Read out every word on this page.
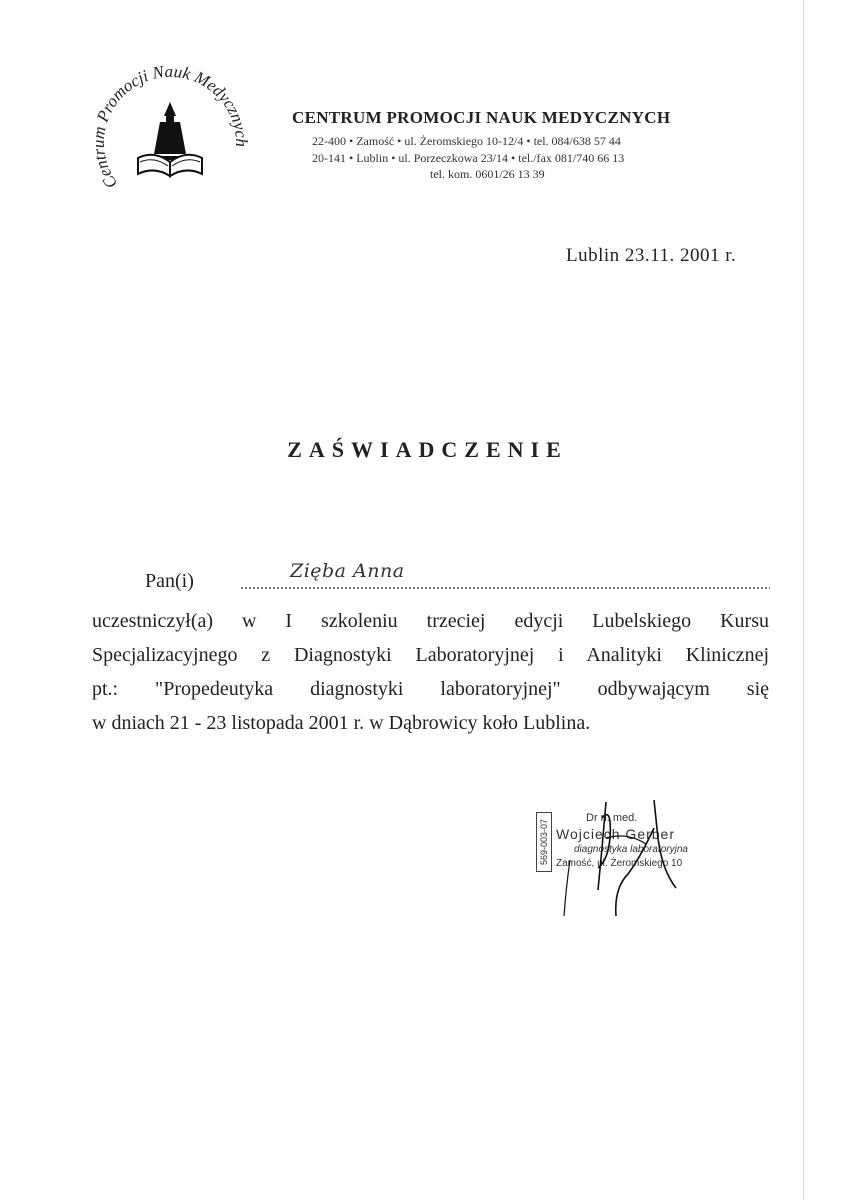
Centrum Promocji Nauk Medycznych
CENTRUM PROMOCJI NAUK MEDYCZNYCH
22-400 • Zamość • ul. Żeromskiego 10-12/4 • tel. 084/638 57 44
20-141 • Lublin • ul. Porzeczkowa 23/14 • tel./fax 081/740 66 13
tel. kom. 0601/26 13 39
Lublin 23.11. 2001 r.
ZAŚWIADCZENIE
Pan(i)	Zięba Anna
uczestniczył(a) w I szkoleniu trzeciej edycji Lubelskiego Kursu
Specjalizacyjnego z Diagnostyki Laboratoryjnej i Analityki Klinicznej
pt.: "Propedeutyka diagnostyki laboratoryjnej" odbywającym się
w dniach 21 - 23 listopada 2001 r. w Dąbrowicy koło Lublina.
569-003-07
Dr n. med.
Wojciech Gerber
diagnostyka laboratoryjna
Zamość, ul. Żeromskiego 10
